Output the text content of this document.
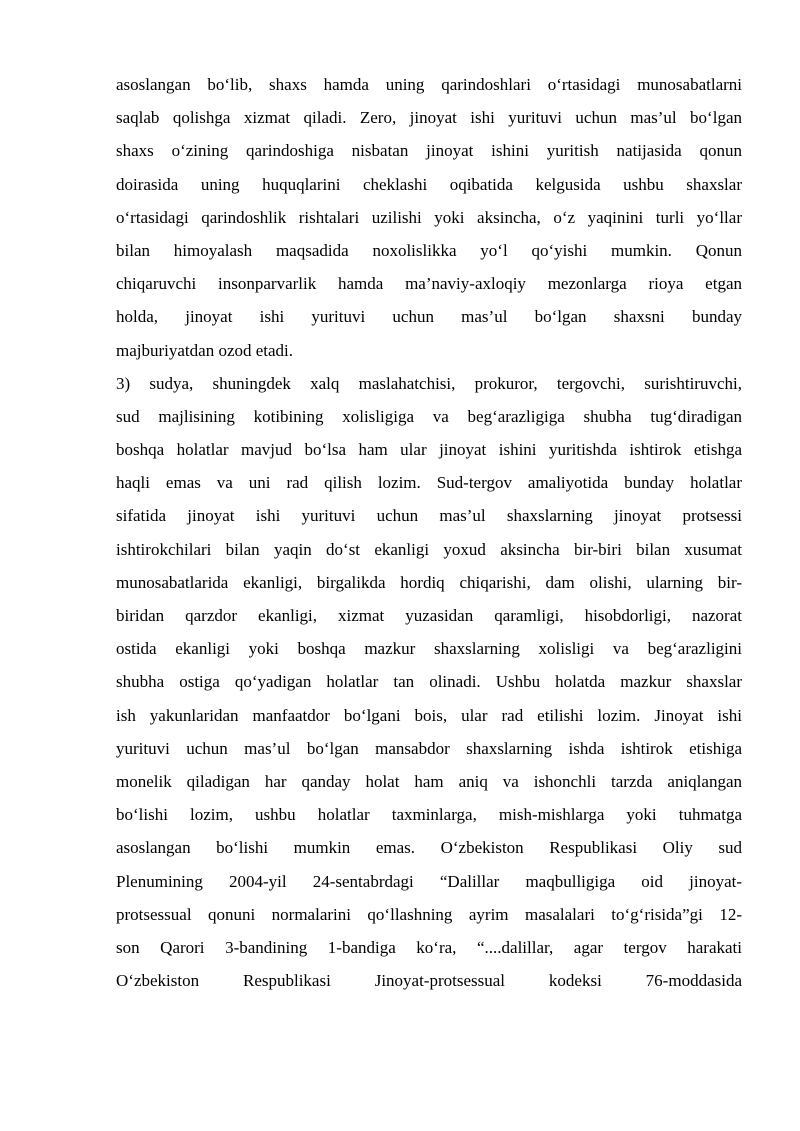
asoslangan bo‘lib, shaxs hamda uning qarindoshlari o‘rtasidagi munosabatlarni
saqlab qolishga xizmat qiladi. Zero, jinoyat ishi yurituvi uchun mas’ul bo‘lgan
shaxs o‘zining qarindoshiga nisbatan jinoyat ishini yuritish natijasida qonun
doirasida uning huquqlarini cheklashi oqibatida kelgusida ushbu shaxslar
o‘rtasidagi qarindoshlik rishtalari uzilishi yoki aksincha, o‘z yaqinini turli yo‘llar
bilan himoyalash maqsadida noxolislikka yo‘l qo‘yishi mumkin. Qonun
chiqaruvchi insonparvarlik hamda ma’naviy-axloqiy mezonlarga rioya etgan
holda, jinoyat ishi yurituvi uchun mas’ul bo‘lgan shaxsni bunday
majburiyatdan ozod etadi.
3) sudya, shuningdek xalq maslahatchisi, prokuror, tergovchi, surishtiruvchi,
sud majlisining kotibining xolisligiga va beg‘arazligiga shubha tug‘diradigan
boshqa holatlar mavjud bo‘lsa ham ular jinoyat ishini yuritishda ishtirok etishga
haqli emas va uni rad qilish lozim. Sud-tergov amaliyotida bunday holatlar
sifatida jinoyat ishi yurituvi uchun mas’ul shaxslarning jinoyat protsessi
ishtirokchilari bilan yaqin do‘st ekanligi yoxud aksincha bir-biri bilan xusumat
munosabatlarida ekanligi, birgalikda hordiq chiqarishi, dam olishi, ularning bir-
biridan qarzdor ekanligi, xizmat yuzasidan qaramligi, hisobdorligi, nazorat
ostida ekanligi yoki boshqa mazkur shaxslarning xolisligi va beg‘arazligini
shubha ostiga qo‘yadigan holatlar tan olinadi. Ushbu holatda mazkur shaxslar
ish yakunlaridan manfaatdor bo‘lgani bois, ular rad etilishi lozim. Jinoyat ishi
yurituvi uchun mas’ul bo‘lgan mansabdor shaxslarning ishda ishtirok etishiga
monelik qiladigan har qanday holat ham aniq va ishonchli tarzda aniqlangan
bo‘lishi lozim, ushbu holatlar taxminlarga, mish-mishlarga yoki tuhmatga
asoslangan bo‘lishi mumkin emas. O‘zbekiston Respublikasi Oliy sud
Plenumining 2004-yil 24-sentabrdagi “Dalillar maqbulligiga oid jinoyat-
protsessual qonuni normalarini qo‘llashning ayrim masalalari to‘g‘risida”gi 12-
son Qarori 3-bandining 1-bandiga ko‘ra, “....dalillar, agar tergov harakati
O‘zbekiston Respublikasi Jinoyat-protsessual kodeksi 76-moddasida
